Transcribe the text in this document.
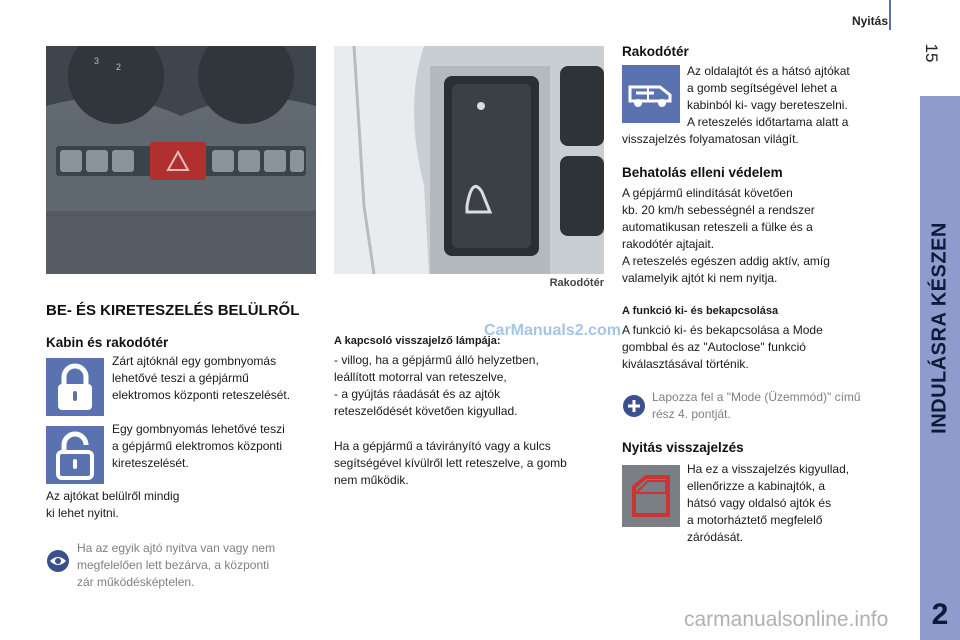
Nyitás
15
INDULÁSRA KÉSZEN
2
3
2
Rakodótér
BE- ÉS KIRETESZELÉS BELÜLRŐL
Kabin és rakodótér
Zárt ajtóknál egy gombnyomás
lehetővé teszi a gépjármű
elektromos központi reteszelését.
Egy gombnyomás lehetővé teszi
a gépjármű elektromos központi
kireteszelését.
Az ajtókat belülről mindig
ki lehet nyitni.
Ha az egyik ajtó nyitva van vagy nem
megfelelően lett bezárva, a központi
zár működésképtelen.
A kapcsoló visszajelző lámpája:
CarManuals2.com
- villog, ha a gépjármű álló helyzetben,
leállított motorral van reteszelve,
- a gyújtás ráadását és az ajtók
reteszelődését követően kigyullad.
Ha a gépjármű a távirányító vagy a kulcs
segítségével kívülről lett reteszelve, a gomb
nem működik.
Rakodótér
Az oldalajtót és a hátsó ajtókat
a gomb segítségével lehet a
kabinból ki- vagy bereteszelni.
A reteszelés időtartama alatt a
visszajelzés folyamatosan világít.
Behatolás elleni védelem
A gépjármű elindítását követően
kb. 20 km/h sebességnél a rendszer
automatikusan reteszeli a fülke és a
rakodótér ajtajait.
A reteszelés egészen addig aktív, amíg
valamelyik ajtót ki nem nyitja.
A funkció ki- és bekapcsolása
A funkció ki- és bekapcsolása a Mode
gombbal és az "Autoclose" funkció
kiválasztásával történik.
Lapozza fel a "Mode (Üzemmód)" című
rész 4. pontját.
Nyitás visszajelzés
Ha ez a visszajelzés kigyullad,
ellenőrizze a kabinajtók, a
hátsó vagy oldalsó ajtók és
a motorháztető megfelelő
záródását.
carmanualsonline.info
